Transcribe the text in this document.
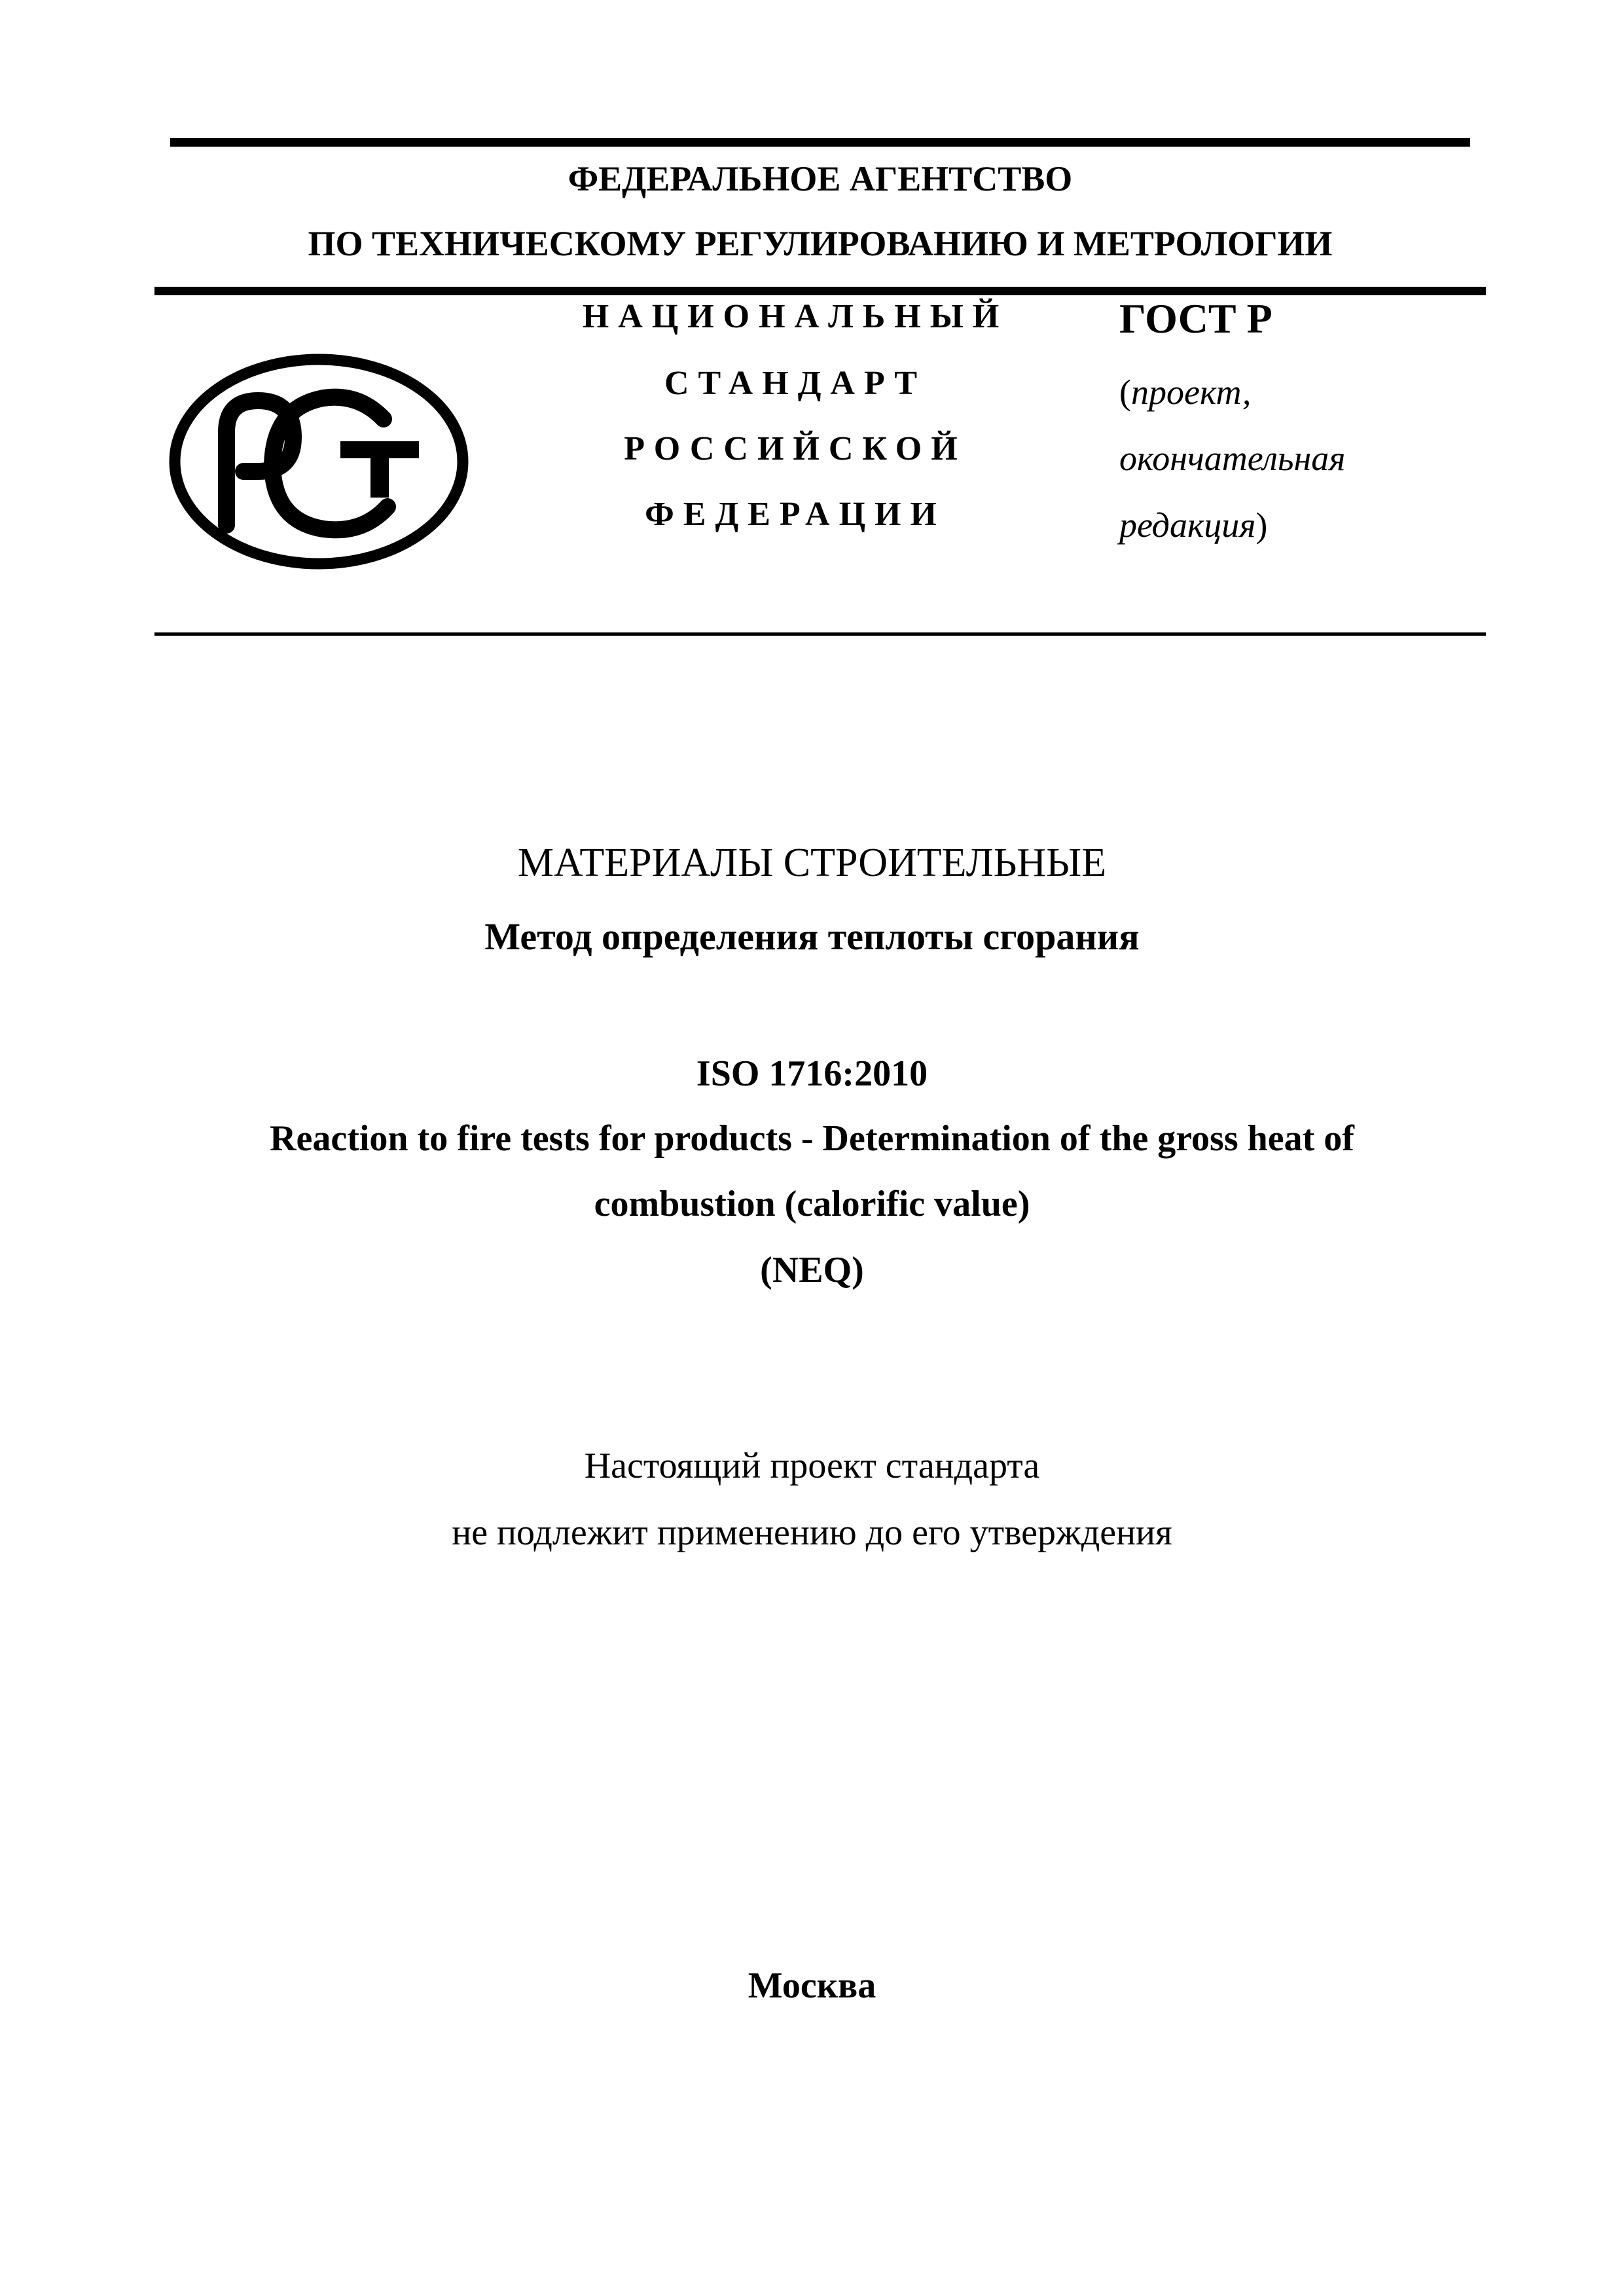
ФЕДЕРАЛЬНОЕ АГЕНТСТВО
ПО ТЕХНИЧЕСКОМУ РЕГУЛИРОВАНИЮ И МЕТРОЛОГИИ
НАЦИОНАЛЬНЫЙ
СТАНДАРТ
РОССИЙСКОЙ
ФЕДЕРАЦИИ
ГОСТ Р
(проект,
окончательная
редакция)
МАТЕРИАЛЫ СТРОИТЕЛЬНЫЕ
Метод определения теплоты сгорания
ISO 1716:2010
Reaction to fire tests for products - Determination of the gross heat of
combustion (calorific value)
(NEQ)
Настоящий проект стандарта
не подлежит применению до его утверждения
Москва
